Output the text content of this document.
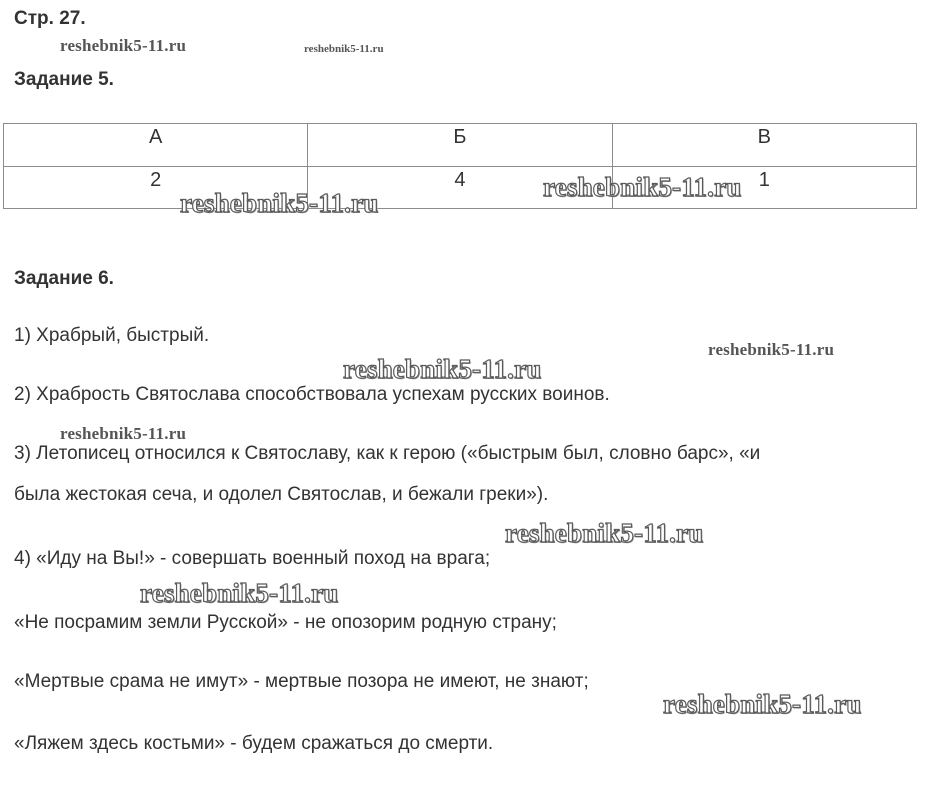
Стр. 27.
Задание 5.
А	Б	В
2	4	1
Задание 6.
1) Храбрый, быстрый.
2) Храбрость Святослава способствовала успехам русских воинов.
3) Летописец относился к Святославу, как к герою («быстрым был, словно барс», «и
была жестокая сеча, и одолел Святослав, и бежали греки»).
4) «Иду на Вы!» - совершать военный поход на врага;
«Не посрамим земли Русской» - не опозорим родную страну;
«Мертвые срама не имут» - мертвые позора не имеют, не знают;
«Ляжем здесь костьми» - будем сражаться до смерти.
reshebnik5-11.ru	reshebnik5-11.ru
reshebnik5-11.ru
reshebnik5-11.ru
reshebnik5-11.ru
reshebnik5-11.ru
reshebnik5-11.ru
reshebnik5-11.ru
reshebnik5-11.ru
reshebnik5-11.ru
